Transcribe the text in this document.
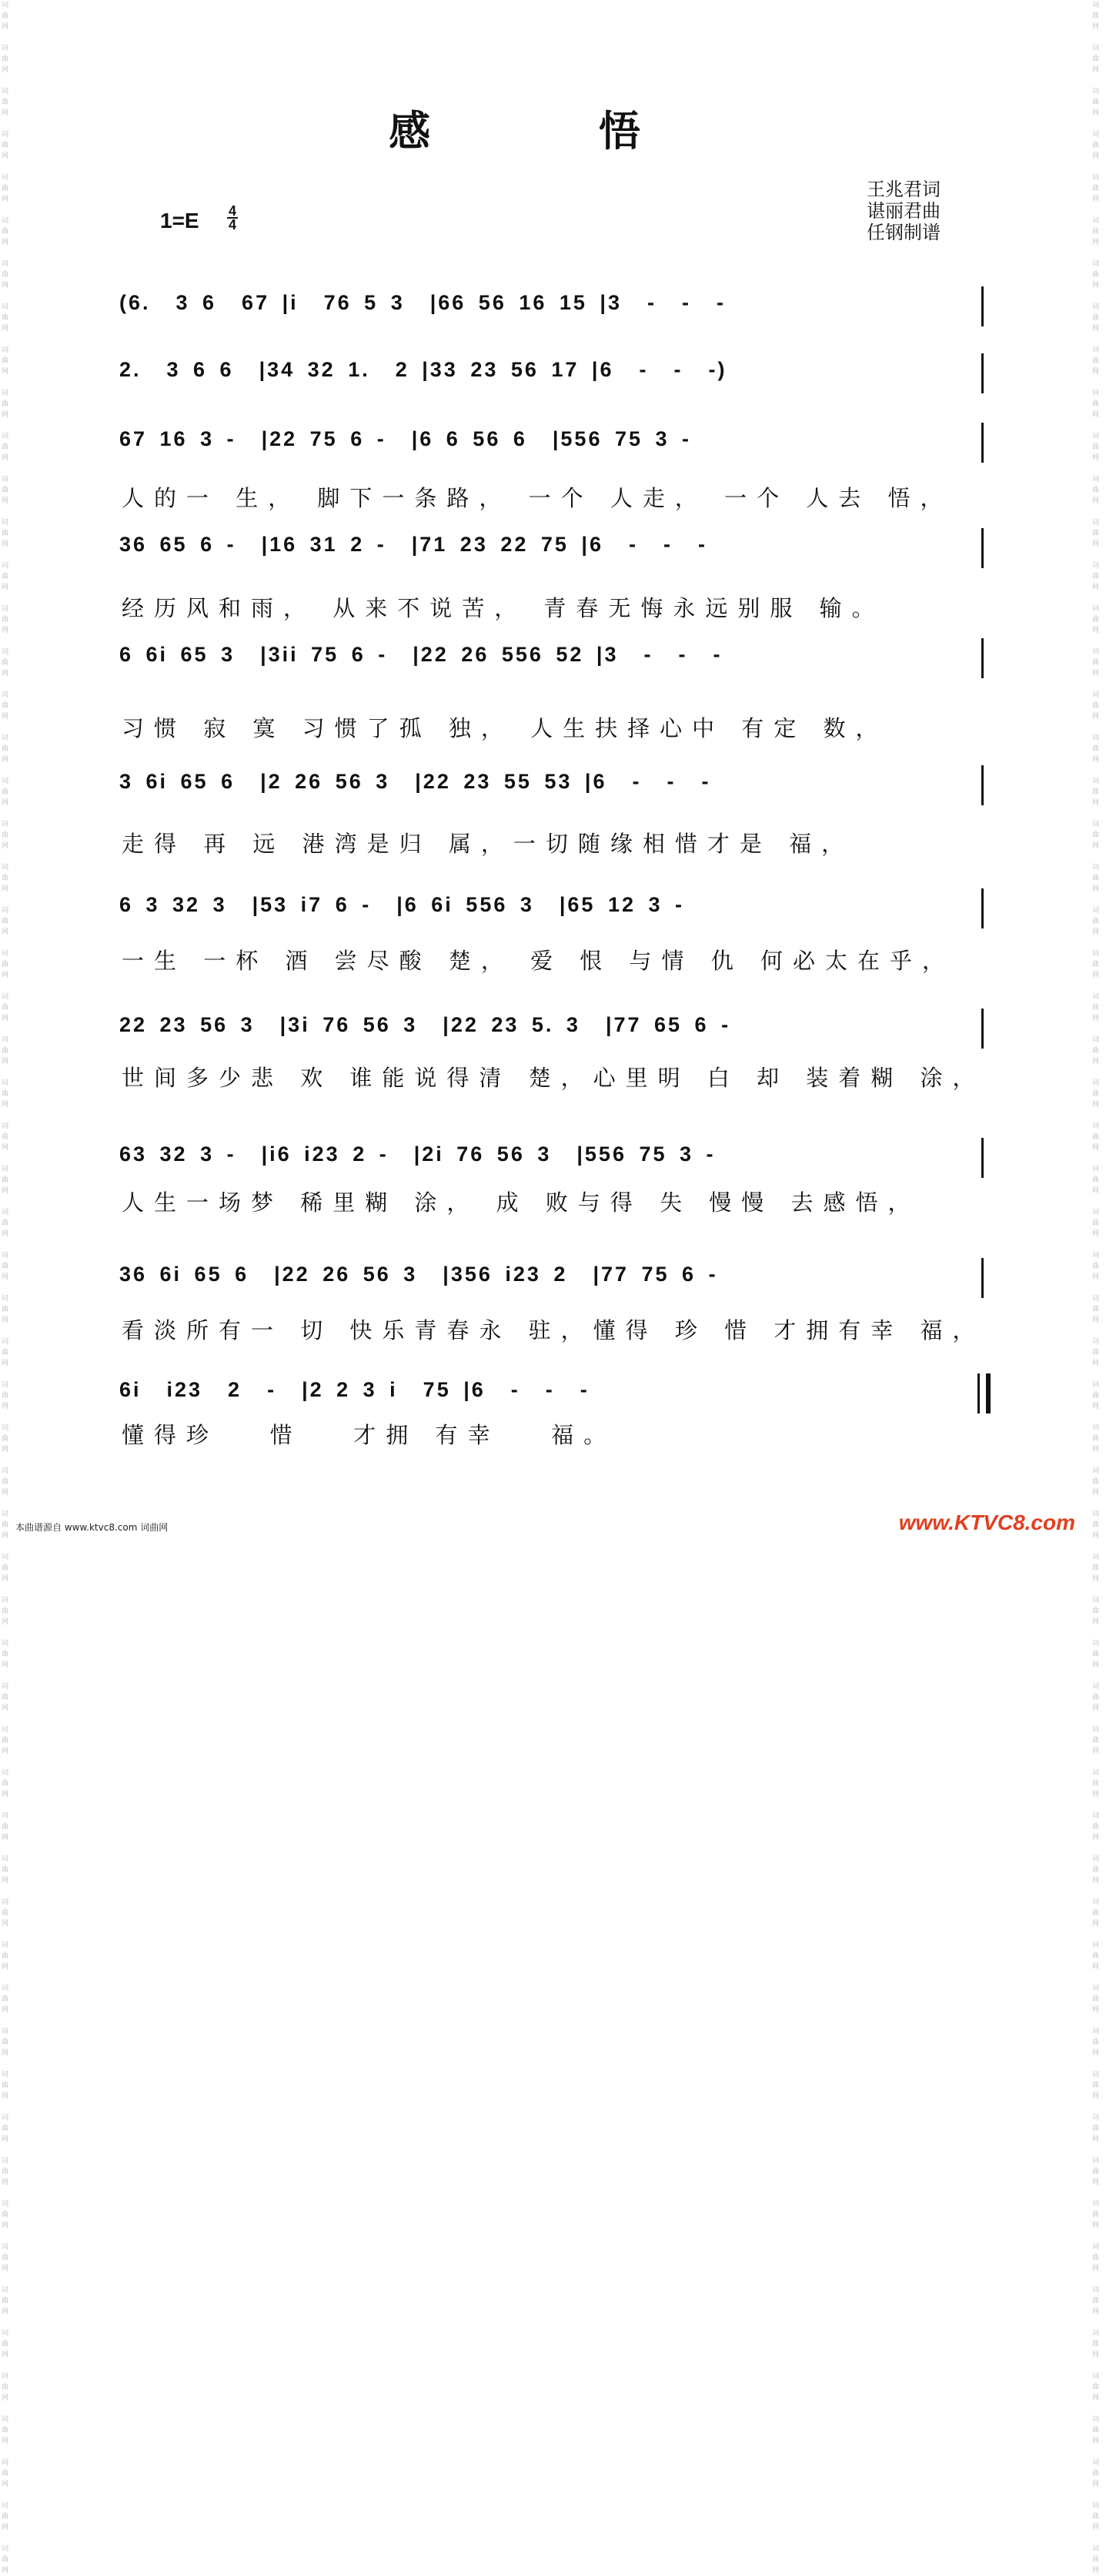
词
曲
网

词
曲
网

词
曲
网

词
曲
网

词
曲
网

词
曲
网

词
曲
网

词
曲
网

词
曲
网

词
曲
网

词
曲
网

词
曲
网

词
曲
网

词
曲
网

词
曲
网

词
曲
网

词
曲
网

词
曲
网

词
曲
网

词
曲
网

词
曲
网

词
曲
网

词
曲
网

词
曲
网

词
曲
网

词
曲
网

词
曲
网

词
曲
网

词
曲
网

词
曲
网

词
曲
网

词
曲
网

词
曲
网

词
曲
网

词
曲
网

词
曲
网

词
曲
网

词
曲
网

词
曲
网

词
曲
网

词
曲
网

词
曲
网

词
曲
网

词
曲
网

词
曲
网

词
曲
网

词
曲
网

词
曲
网

词
曲
网

词
曲
网

词
曲
网

词
曲
网

词
曲
网

词
曲
网

词
曲
网

词
曲
网

词
曲
网

词
曲
网

词
曲
网

词
曲
网

词
曲
网

词
曲
网

词
曲
网

词
曲
网

词
曲
网

词
曲
网

词
曲
网

词
曲
网

词
曲
网

词
曲
网

词
曲
网

词
曲
网

词
曲
网

词
曲
网

词
曲
网

词
曲
网

词
曲
网

词
曲
网

词
曲
网

词
曲
网

词
曲
网

词
曲
网

词
曲
网

词
曲
网

词
曲
网

词
曲
网

词
曲
网

词
曲
网

词
曲
网

词
曲
网

词
曲
网

词
曲
网

词
曲
网

词
曲
网

词
曲
网

词
曲
网

词
曲
网

词
曲
网

词
曲
网

词
曲
网

词
曲
网

词
曲
网

词
曲
网

词
曲
网

词
曲
网

词
曲
网

词
曲
网

词
曲
网

词
曲
网

词
曲
网

词
曲
网

词
曲
网

词
曲
网

词
曲
网

词
曲
网

词
曲
网

词
曲
网

词
曲
网

词
曲
网

词
曲
网

感 悟
1=E 4
4
王兆君词
谌丽君曲
任钢制谱
(6.  3 6  67 |i  76 5 3  |66 56 16 15 |3  -  -  -
2.  3 6 6  |34 32 1.  2 |33 23 56 17 |6  -  -  -)
67 16 3 -  |22 75 6 -  |6 6 56 6  |556 75 3 -
人的一 生， 脚下一条路， 一个 人走， 一个 人去 悟，
36 65 6 -  |16 31 2 -  |71 23 22 75 |6  -  -  -
经历风和雨， 从来不说苦， 青春无悔永远别服 输。
6 6i 65 3  |3ii 75 6 -  |22 26 556 52 |3  -  -  -
习惯 寂 寞 习惯了孤 独， 人生扶择心中 有定 数，
3 6i 65 6  |2 26 56 3  |22 23 55 53 |6  -  -  -
走得 再 远 港湾是归 属，一切随缘相惜才是 福，
6 3 32 3  |53 i7 6 -  |6 6i 556 3  |65 12 3 -
一生 一杯 酒 尝尽酸 楚， 爱 恨 与情 仇 何必太在乎，
22 23 56 3  |3i 76 56 3  |22 23 5. 3  |77 65 6 -
世间多少悲 欢 谁能说得清 楚，心里明 白 却 装着糊 涂，
63 32 3 -  |i6 i23 2 -  |2i 76 56 3  |556 75 3 -
人生一场梦 稀里糊 涂， 成 败与得 失 慢慢 去感悟，
36 6i 65 6  |22 26 56 3  |356 i23 2  |77 75 6 -
看淡所有一 切 快乐青春永 驻，懂得 珍 惜 才拥有幸 福，
6i  i23  2  -  |2 2 3 i  75 |6  -  -  -
懂得珍   惜   才拥 有幸   福。
本曲谱源自 www.ktvc8.com 词曲网	www.KTVC8.com
